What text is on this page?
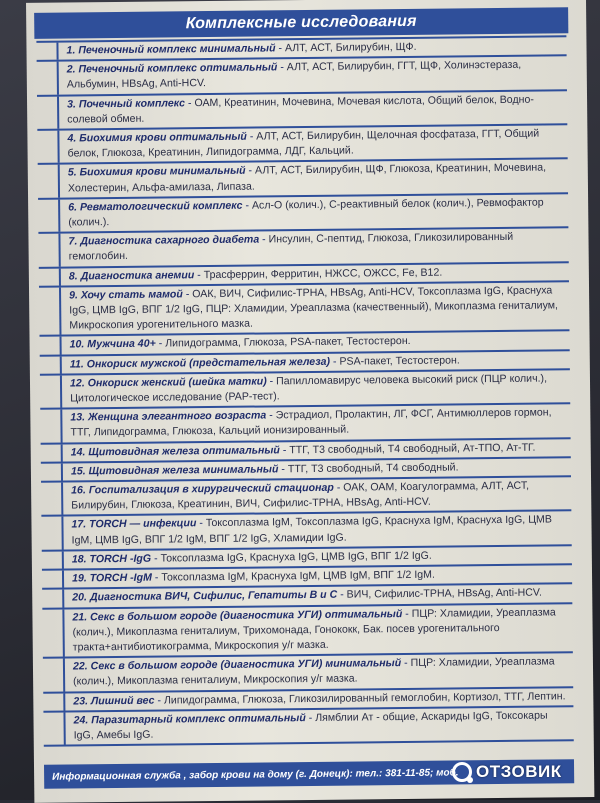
Комплексные исследования
1. Печеночный комплекс минимальный - АЛТ, АСТ, Билирубин, ЩФ.
2. Печеночный комплекс оптимальный - АЛТ, АСТ, Билирубин, ГГТ, ЩФ, Холинэстераза, Альбумин, HBsAg, Anti-HCV.
3. Почечный комплекс - ОАМ, Креатинин, Мочевина, Мочевая кислота, Общий белок, Водно-солевой обмен.
4. Биохимия крови оптимальный - АЛТ, АСТ, Билирубин, Щелочная фосфатаза, ГГТ, Общий белок, Глюкоза, Креатинин, Липидограмма, ЛДГ, Кальций.
5. Биохимия крови минимальный - АЛТ, АСТ, Билирубин, ЩФ, Глюкоза, Креатинин, Мочевина, Холестерин, Альфа-амилаза, Липаза.
6. Ревматологический комплекс - Асл-О (колич.), С-реактивный белок (колич.), Ревмофактор (колич.).
7. Диагностика сахарного диабета - Инсулин, С-пептид, Глюкоза, Гликозилированный гемоглобин.
8. Диагностика анемии - Трасферрин, Ферритин, НЖСС, ОЖСС, Fe, В12.
9. Хочу стать мамой - ОАК, ВИЧ, Сифилис-ТРНА, HBsAg, Anti-HCV, Токсоплазма IgG, Краснуха IgG, ЦМВ IgG, ВПГ 1/2 IgG, ПЦР: Хламидии, Уреаплазма (качественный), Микоплазма гениталиум, Микроскопия урогенительного мазка.
10. Мужчина 40+ - Липидограмма, Глюкоза, PSA-пакет, Тестостерон.
11. Онкориск мужской (предстательная железа) - PSA-пакет, Тестостерон.
12. Онкориск женский (шейка матки) - Папилломавирус человека высокий риск (ПЦР колич.), Цитологическое исследование (РАР-тест).
13. Женщина элегантного возраста - Эстрадиол, Пролактин, ЛГ, ФСГ, Антимюллеров гормон, ТТГ, Липидограмма, Глюкоза, Кальций ионизированный.
14. Щитовидная железа оптимальный - ТТГ, Т3 свободный, Т4 свободный, Ат-ТПО, Ат-ТГ.
15. Щитовидная железа минимальный - ТТГ, Т3 свободный, Т4 свободный.
16. Госпитализация в хирургический стационар - ОАК, ОАМ, Коагулограмма, АЛТ, АСТ, Билирубин, Глюкоза, Креатинин, ВИЧ, Сифилис-ТРНА, HBsAg, Anti-HCV.
17. TORCH — инфекции - Токсоплазма IgM, Токсоплазма IgG, Краснуха IgM, Краснуха IgG, ЦМВ IgM, ЦМВ IgG, ВПГ 1/2 IgM, ВПГ 1/2 IgG, Хламидии IgG.
18. TORCH -IgG - Токсоплазма IgG, Краснуха IgG, ЦМВ IgG, ВПГ 1/2 IgG.
19. TORCH -IgM - Токсоплазма IgM, Краснуха IgM, ЦМВ IgM, ВПГ 1/2 IgM.
20. Диагностика ВИЧ, Сифилис, Гепатиты В и С - ВИЧ, Сифилис-ТРНА, HBsAg, Anti-HCV.
21. Секс в большом городе (диагностика УГИ) оптимальный - ПЦР: Хламидии, Уреаплазма (колич.), Микоплазма гениталиум, Трихомонада, Гонококк, Бак. посев урогенитального тракта+антибиотикограмма, Микроскопия у/г мазка.
22. Секс в большом городе (диагностика УГИ) минимальный - ПЦР: Хламидии, Уреаплазма (колич.), Микоплазма гениталиум, Микроскопия у/г мазка.
23. Лишний вес - Липидограмма, Глюкоза, Гликозилированный гемоглобин, Кортизол, ТТГ, Лептин.
24. Паразитарный комплекс оптимальный - Лямблии Ат - общие, Аскариды IgG, Токсокары IgG, Амебы IgG.
Информационная служба , забор крови на дому (г. Донецк): тел.: 381-11-85; моб. ОТЗОВИК
